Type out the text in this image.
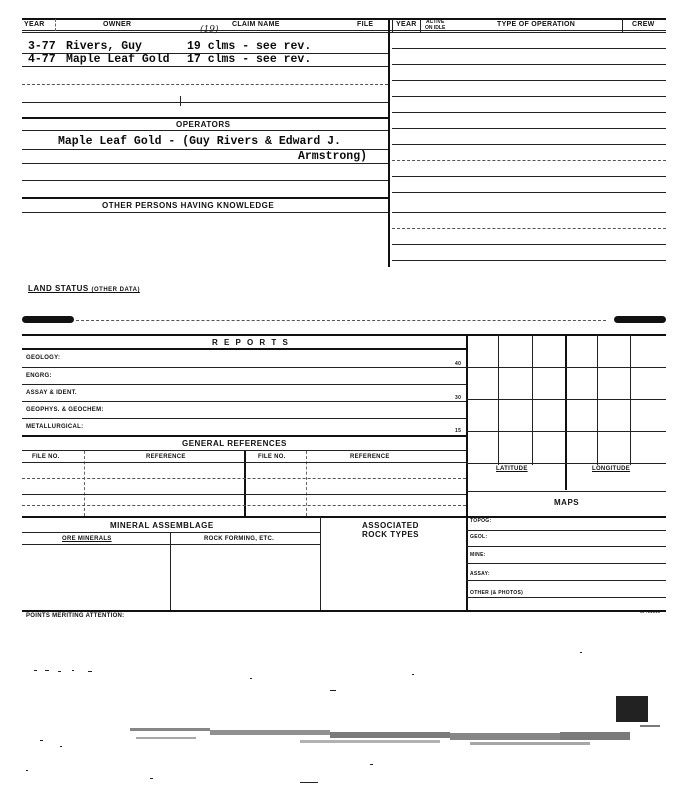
YEAR	OWNER	CLAIM NAME	FILE	YEAR ACTIVE
ON IDLE	TYPE OF OPERATION	CREW
(19)
3-77 Rivers, Guy	19 clms - see rev.
4-77 Maple Leaf Gold 17 clms - see rev.
OPERATORS
Maple Leaf Gold - (Guy Rivers & Edward J.
Armstrong)
OTHER PERSONS HAVING KNOWLEDGE
LAND STATUS (OTHER DATA)
R E P O R T S
GEOLOGY:
40
ENGRG:
ASSAY & IDENT.
30
GEOPHYS. & GEOCHEM:
METALLURGICAL:
15
GENERAL REFERENCES
FILE NO.	REFERENCE	FILE NO.	REFERENCE
LATITUDE	LONGITUDE
MAPS
TOPOG:
GEOL:
MINE:
ASSAY:
OTHER (& PHOTOS)
MINERAL ASSEMBLAGE
ORE MINERALS	ROCK FORMING, ETC.
ASSOCIATED
ROCK TYPES
POINTS MERITING ATTENTION:
SP-14616
